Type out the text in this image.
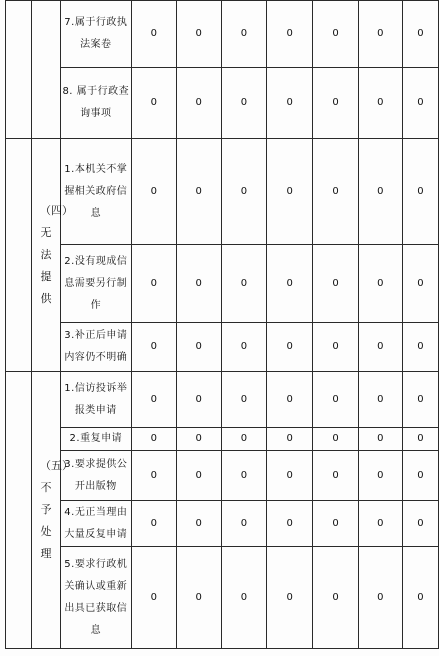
		7.属于行政执法案卷	0	0	0	0	0	0	0

		8. 属于行政查询事项	0	0	0	0	0	0	0
	（四）无法提供	1.本机关不掌握相关政府信息	0	0	0	0	0	0	0

		2.没有现成信息需要另行制作	0	0	0	0	0	0	0

		3.补正后申请内容仍不明确	0	0	0	0	0	0	0
	（五）不予处理	1.信访投诉举报类申请	0	0	0	0	0	0	0

		2.重复申请	0	0	0	0	0	0	0

		3.要求提供公开出版物	0	0	0	0	0	0	0

		4.无正当理由大量反复申请	0	0	0	0	0	0	0

		5.要求行政机关确认或重新出具已获取信息	0	0	0	0	0	0	0
